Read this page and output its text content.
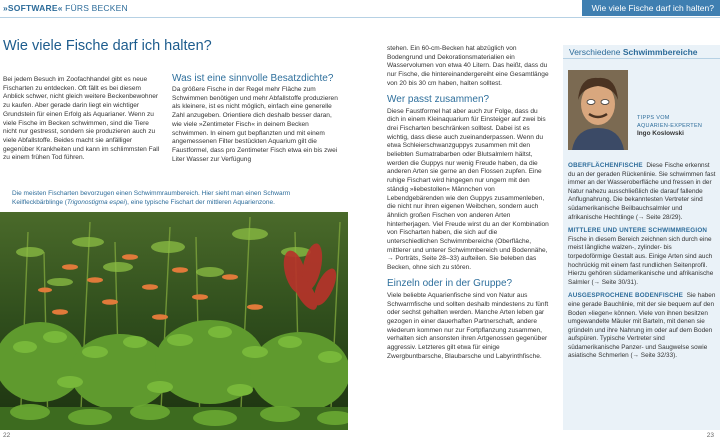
»SOFTWARE« FÜRS BECKEN	Wie viele Fische darf ich halten?
Wie viele Fische darf ich halten?
Bei jedem Besuch im Zoofachhandel gibt es neue Fischarten zu entdecken. Oft fällt es bei diesem Anblick schwer, nicht gleich weitere Beckenbewohner zu kaufen. Aber gerade darin liegt ein wichtiger Grundstein für einen Erfolg als Aquarianer. Wenn zu viele Fische im Becken schwimmen, sind die Tiere nicht nur gestresst, sondern sie produzieren auch zu viele Abfallstoffe. Beides macht sie anfälliger gegenüber Krankheiten und kann im schlimmsten Fall zu einem frühen Tod führen.
Was ist eine sinnvolle Besatzdichte?
Da größere Fische in der Regel mehr Fläche zum Schwimmen benötigen und mehr Abfallstoffe produzieren als kleinere, ist es nicht möglich, einfach eine generelle Zahl anzugeben. Orientiere dich deshalb besser daran, wie viele »Zentimeter Fisch« in deinem Becken schwimmen. In einem gut bepflanzten und mit einem angemessenen Filter bestückten Aquarium gilt die Faustformel, dass pro Zentimeter Fisch etwa ein bis zwei Liter Wasser zur Verfügung
Die meisten Fischarten bevorzugen einen Schwimmraumbereich. Hier sieht man einen Schwarm
Keilfleckbärblinge (Trigonostigma espei), eine typische Fischart der mittleren Aquarienzone.
22
stehen. Ein 60-cm-Becken hat abzüglich von Bodengrund und Dekorationsmaterialien ein Wasservolumen von etwa 40 Litern. Das heißt, dass du nur Fische, die hintereinandergereiht eine Gesamtlänge von 20 bis 30 cm haben, halten solltest.
Wer passt zusammen?
Diese Faustformel hat aber auch zur Folge, dass du dich in einem Kleinaquarium für Einsteiger auf zwei bis drei Fischarten beschränken solltest. Dabei ist es wichtig, dass diese auch zueinanderpassen. Wenn du etwa Schleierschwanzguppys zusammen mit den beliebten Sumatrabarben oder Blutsalmlern hältst, werden die Guppys nur wenig Freude haben, da die anderen Arten sie gerne an den Flossen zupfen. Eine ruhige Fischart wird hingegen nur ungern mit den ständig »liebestollen« Männchen von Lebendgebärenden wie den Guppys zusammenleben, die nicht nur ihren eigenen Weibchen, sondern auch ähnlich großen Fischen von anderen Arten hinterherjagen. Viel Freude wirst du an der Kombination von Fischarten haben, die sich auf die unterschiedlichen Schwimmbereiche (Oberfläche, mittlerer und unterer Schwimmbereich und Bodennähe, → Porträts, Seite 28–33) aufteilen. Sie beleben das Becken, ohne sich zu stören.
Einzeln oder in der Gruppe?
Viele beliebte Aquarienfische sind von Natur aus Schwarmfische und sollten deshalb mindestens zu fünft oder sechst gehalten werden. Manche Arten leben gar gezogen in einer dauerhaften Partnerschaft, andere wiederum kommen nur zur Fortpflanzung zusammen, verhalten sich ansonsten ihren Artgenossen gegenüber aggressiv. Letzteres gilt etwa für einige Zwergbuntbarsche, Blaubarsche und Labyrinthfische.
Verschiedene Schwimmbereiche
TIPPS VOM
AQUARIEN-EXPERTEN
Ingo Koslowski

OBERFLÄCHENFISCHE Diese Fische erkennst du an der geraden Rückenlinie. Sie schwimmen fast immer an der Wasseroberfläche und fressen in der Natur nahezu ausschließlich die darauf fallende Anflugnahrung. Die bekanntesten Vertreter sind südamerikanische Beilbauchsalmler und afrikanische Hechtlinge (→ Seite 28/29).

MITTLERE UND UNTERE SCHWIMMREGION
Fische in diesem Bereich zeichnen sich durch eine meist längliche walzen-, zylinder- bis torpedoförmige Gestalt aus. Einige Arten sind auch hochrückig mit einem fast rundlichen Seitenprofil. Hierzu gehören südamerikanische und afrikanische Salmler (→ Seite 30/31).

AUSGESPROCHENE BODENFISCHE Sie haben eine gerade Bauchlinie, mit der sie bequem auf den Boden »liegen« können. Viele von ihnen besitzen umgewandelte Mäuler mit Barteln, mit denen sie gründeln und ihre Nahrung im oder auf dem Boden aufspüren. Typische Vertreter sind südamerikanische Panzer- und Saugwelse sowie asiatische Schmerlen (→ Seite 32/33).

23
